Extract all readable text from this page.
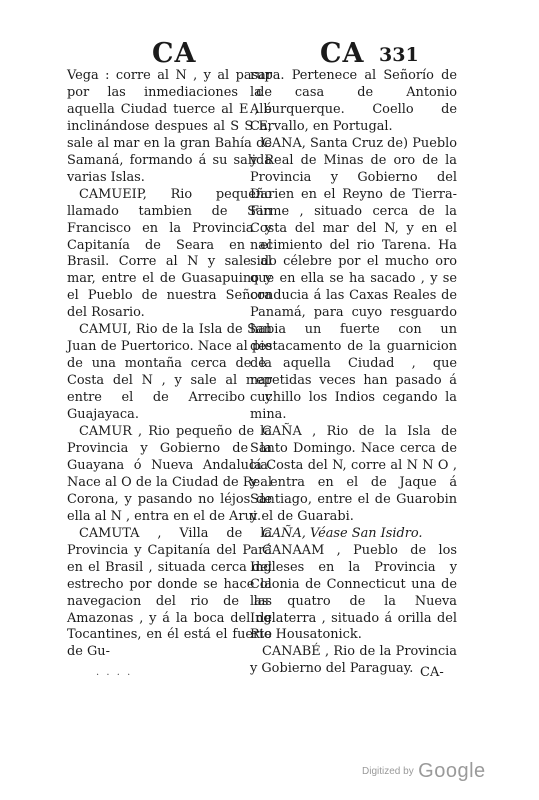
CA	CA 331

Vega : corre al N , y al pasar por las inmediaciones de aquella Ciudad tuerce al E , é inclinándose despues al S S E, sale al mar en la gran Bahía de Samaná, formando á su salida varias Islas.

CAMUEIP, Rio pequeño llamado tambien de San Francisco en la Provincia y Capitanía de Seara en el Brasil. Corre al N y sale al mar, entre el de Guasapuino y el Pueblo de nuestra Señora del Rosario.

CAMUI, Rio de la Isla de San Juan de Puertorico. Nace al pie de una montaña cerca de la Costa del N , y sale al mar entre el de Arrecibo y Guajayaca.

CAMUR , Rio pequeño de la Provincia y Gobierno de la Guayana ó Nueva Andalucía. Nace al O de la Ciudad de Real Corona, y pasando no léjos de ella al N , entra en el de Arui.

CAMUTA , Villa de la Provincia y Capitanía del Pará en el Brasil , situada cerca del estrecho por donde se hace la navegacion del rio de las Amazonas , y á la boca del de Tocantines, en él está el fuerte de Gu-

rupa. Pertenece al Señorío de la casa de Antonio Alburquerque. Coello de Carvallo, en Portugal.

CANA, Santa Cruz de) Pueblo y Real de Minas de oro de la Provincia y Gobierno del Darien en el Reyno de Tierra-Firme , situado cerca de la Costa del mar del N, y en el nacimiento del rio Tarena. Ha sido célebre por el mucho oro que en ella se ha sacado , y se conducia á las Caxas Reales de Panamá, para cuyo resguardo habia un fuerte con un destacamento de la guarnicion de aquella Ciudad , que repetidas veces han pasado á cuchillo los Indios cegando la mina.

CAÑA , Rio de la Isla de Santo Domingo. Nace cerca de la Costa del N, corre al N N O , y entra en el de Jaque á Santiago, entre el de Guarobin y el de Guarabi.

CAÑA, Véase San Isidro.

CANAAM , Pueblo de los Ingleses en la Provincia y Colonia de Connecticut una de las quatro de la Nueva Inglaterra , situado á orilla del Rio Housatonick.

CANABÉ , Rio de la Provincia y Gobierno del Paraguay.

· · · ·	CA-
Digitized by Google
